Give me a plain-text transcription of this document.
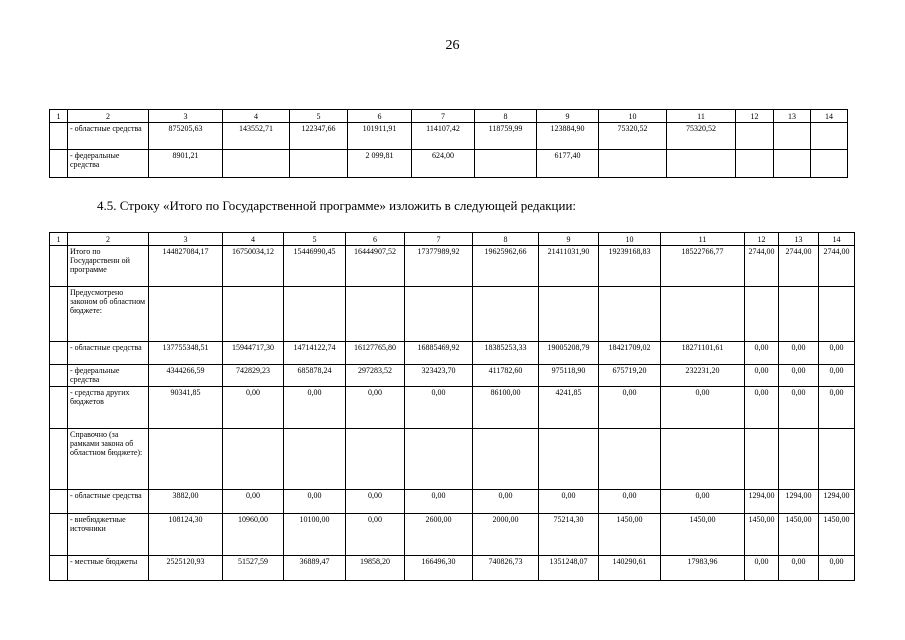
26
1	2	3	4	5	6	7	8	9	10	11	12	13	14
	- областные средства	875205,63	143552,71	122347,66	101911,91	114107,42	118759,99	123884,90	75320,52	75320,52			
	- федеральные средства	8901,21			2 099,81	624,00		6177,40					
4.5. Строку «Итого по Государственной программе» изложить в следующей редакции:
1	2	3	4	5	6	7	8	9	10	11	12	13	14
	Итого по Государственн ой программе	144827084,17	16750034,12	15446990,45	16444907,52	17377989,92	19625962,66	21411031,90	19239168,83	18522766,77	2744,00	2744,00	2744,00
	Предусмотрено законом об областном бюджете:												
	- областные средства	137755348,51	15944717,30	14714122,74	16127765,80	16885469,92	18385253,33	19005208,79	18421709,02	18271101,61	0,00	0,00	0,00
	- федеральные средства	4344266,59	742829,23	685878,24	297283,52	323423,70	411782,60	975118,90	675719,20	232231,20	0,00	0,00	0,00
	- средства других бюджетов	90341,85	0,00	0,00	0,00	0,00	86100,00	4241,85	0,00	0,00	0,00	0,00	0,00
	Справочно (за рамками закона об областном бюджете):												
	- областные средства	3882,00	0,00	0,00	0,00	0,00	0,00	0,00	0,00	0,00	1294,00	1294,00	1294,00
	- внебюджетные источники	108124,30	10960,00	10100,00	0,00	2600,00	2000,00	75214,30	1450,00	1450,00	1450,00	1450,00	1450,00
	- местные бюджеты	2525120,93	51527,59	36889,47	19858,20	166496,30	740826,73	1351248,07	140290,61	17983,96	0,00	0,00	0,00
